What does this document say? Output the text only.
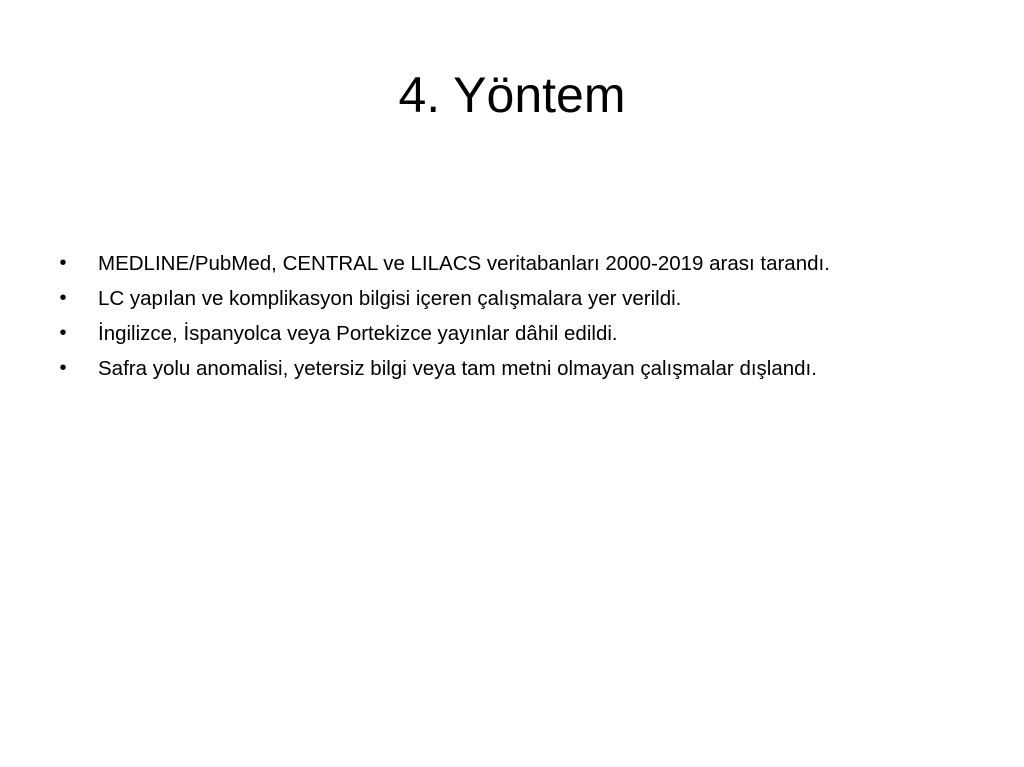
4. Yöntem
• MEDLINE/PubMed, CENTRAL ve LILACS veritabanları 2000-2019 arası tarandı.
• LC yapılan ve komplikasyon bilgisi içeren çalışmalara yer verildi.
• İngilizce, İspanyolca veya Portekizce yayınlar dâhil edildi.
• Safra yolu anomalisi, yetersiz bilgi veya tam metni olmayan çalışmalar dışlandı.
